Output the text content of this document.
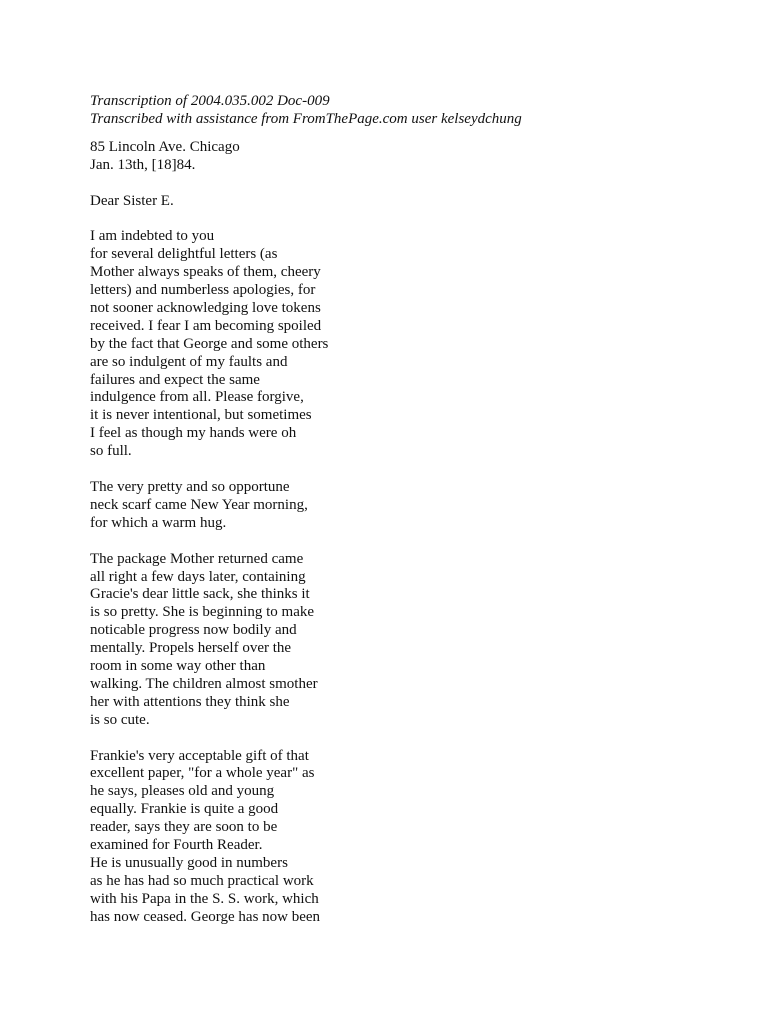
Transcription of 2004.035.002 Doc-009
Transcribed with assistance from FromThePage.com user kelseydchung
85 Lincoln Ave. Chicago
Jan. 13th, [18]84.
Dear Sister E.
I am indebted to you
for several delightful letters (as
Mother always speaks of them, cheery
letters) and numberless apologies, for
not sooner acknowledging love tokens
received. I fear I am becoming spoiled
by the fact that George and some others
are so indulgent of my faults and
failures and expect the same
indulgence from all. Please forgive,
it is never intentional, but sometimes
I feel as though my hands were oh
so full.
The very pretty and so opportune
neck scarf came New Year morning,
for which a warm hug.
The package Mother returned came
all right a few days later, containing
Gracie's dear little sack, she thinks it
is so pretty. She is beginning to make
noticable progress now bodily and
mentally. Propels herself over the
room in some way other than
walking. The children almost smother
her with attentions they think she
is so cute.
Frankie's very acceptable gift of that
excellent paper, "for a whole year" as
he says, pleases old and young
equally. Frankie is quite a good
reader, says they are soon to be
examined for Fourth Reader.
He is unusually good in numbers
as he has had so much practical work
with his Papa in the S. S. work, which
has now ceased. George has now been
